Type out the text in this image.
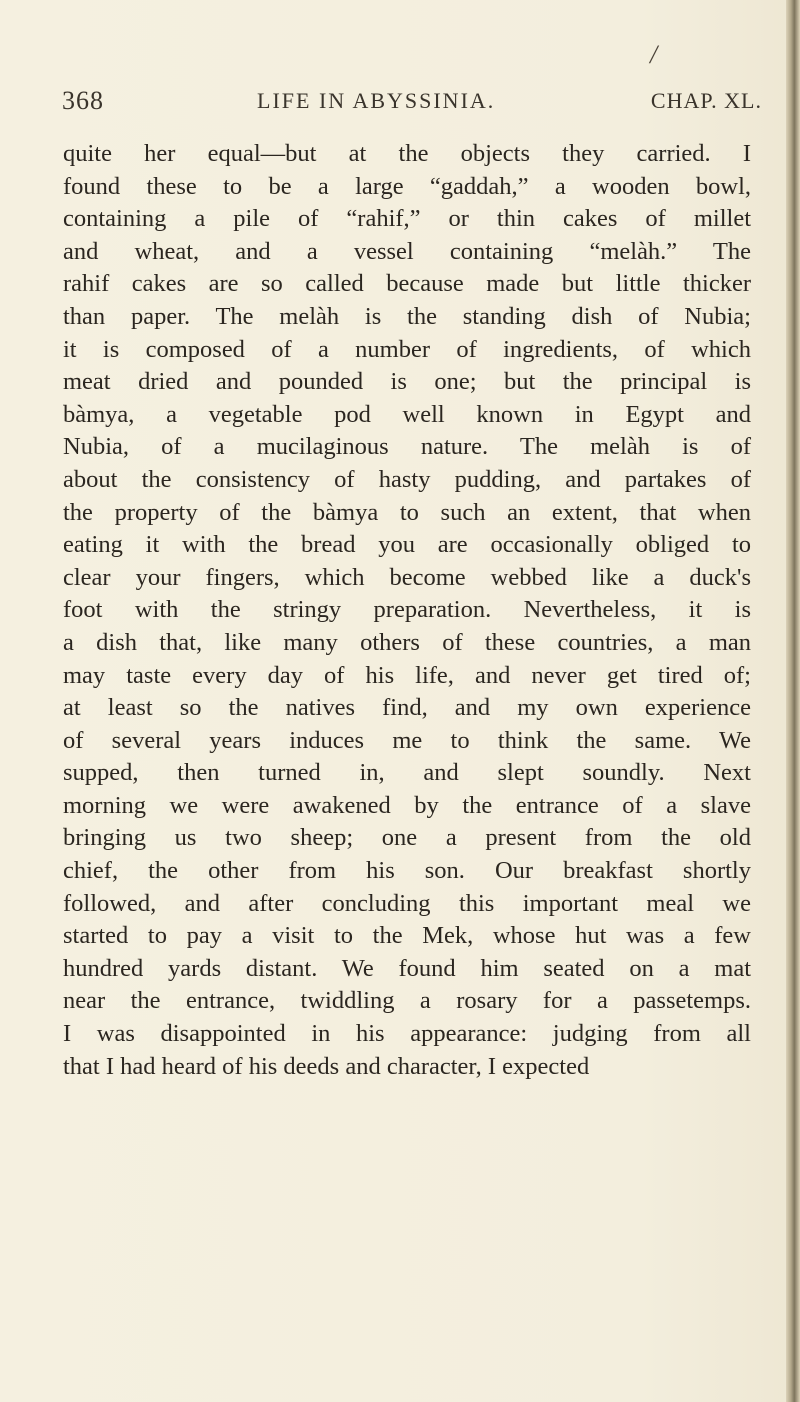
/
368	LIFE IN ABYSSINIA.	CHAP. XL.
quite her equal—but at the objects they carried. I
found these to be a large “gaddah,” a wooden bowl,
containing a pile of “rahif,” or thin cakes of millet
and wheat, and a vessel containing “melàh.” The
rahif cakes are so called because made but little thicker
than paper. The melàh is the standing dish of Nubia;
it is composed of a number of ingredients, of which
meat dried and pounded is one; but the principal is
bàmya, a vegetable pod well known in Egypt and
Nubia, of a mucilaginous nature. The melàh is of
about the consistency of hasty pudding, and partakes of
the property of the bàmya to such an extent, that when
eating it with the bread you are occasionally obliged to
clear your fingers, which become webbed like a duck's
foot with the stringy preparation. Nevertheless, it is
a dish that, like many others of these countries, a man
may taste every day of his life, and never get tired of;
at least so the natives find, and my own experience
of several years induces me to think the same. We
supped, then turned in, and slept soundly. Next
morning we were awakened by the entrance of a slave
bringing us two sheep; one a present from the old
chief, the other from his son. Our breakfast shortly
followed, and after concluding this important meal we
started to pay a visit to the Mek, whose hut was a few
hundred yards distant. We found him seated on a mat
near the entrance, twiddling a rosary for a passetemps.
I was disappointed in his appearance: judging from all
that I had heard of his deeds and character, I expected
